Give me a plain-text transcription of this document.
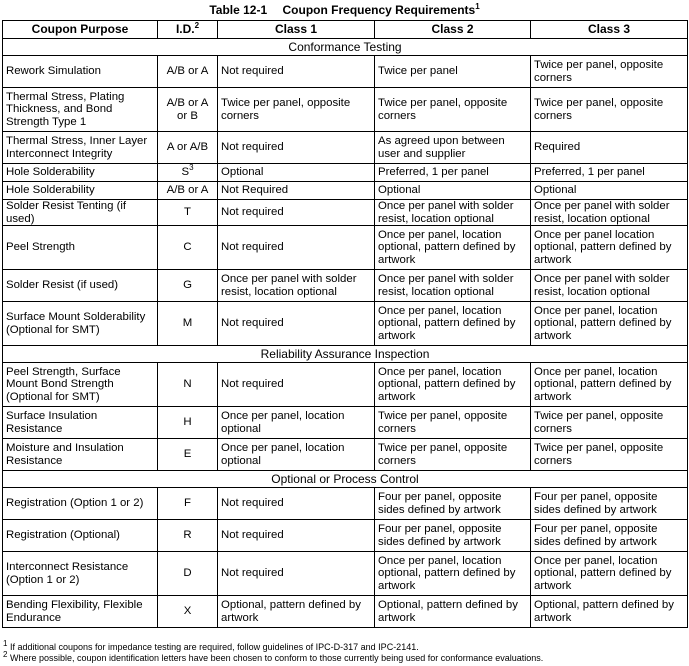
Table 12-1 Coupon Frequency Requirements$^1$
Coupon Purpose	I.D.$^2$	Class 1	Class 2	Class 3
Conformance Testing				
Rework Simulation	A/B or A	Not required	Twice per panel	Twice per panel, opposite corners
Thermal Stress, Plating Thickness, and Bond Strength Type 1	A/B or A or B	Twice per panel, opposite corners	Twice per panel, opposite corners	Twice per panel, opposite corners
Thermal Stress, Inner Layer Interconnect Integrity	A or A/B	Not required	As agreed upon between user and supplier	Required
Hole Solderability	$S^3$	Optional	Preferred, 1 per panel	Preferred, 1 per panel
Hole Solderability	A/B or A	Not Required	Optional	Optional
Solder Resist Tenting (if used)	T	Not required	Once per panel with solder resist, location optional	Once per panel with solder resist, location optional
Peel Strength	C	Not required	Once per panel, location optional, pattern defined by artwork	Once per panel location optional, pattern defined by artwork
Solder Resist (if used)	G	Once per panel with solder resist, location optional	Once per panel with solder resist, location optional	Once per panel with solder resist, location optional
Surface Mount Solderability (Optional for SMT)	M	Not required	Once per panel, location optional, pattern defined by artwork	Once per panel, location optional, pattern defined by artwork
Reliability Assurance Inspection				
Peel Strength, Surface Mount Bond Strength (Optional for SMT)	N	Not required	Once per panel, location optional, pattern defined by artwork	Once per panel, location optional, pattern defined by artwork
Surface Insulation Resistance	H	Once per panel, location optional	Twice per panel, opposite corners	Twice per panel, opposite corners
Moisture and Insulation Resistance	E	Once per panel, location optional	Twice per panel, opposite corners	Twice per panel, opposite corners
Optional or Process Control				
Registration (Option 1 or 2)	F	Not required	Four per panel, opposite sides defined by artwork	Four per panel, opposite sides defined by artwork
Registration (Optional)	R	Not required	Four per panel, opposite sides defined by artwork	Four per panel, opposite sides defined by artwork
Interconnect Resistance (Option 1 or 2)	D	Not required	Once per panel, location optional, pattern defined by artwork	Once per panel, location optional, pattern defined by artwork
Bending Flexibility, Flexible Endurance	X	Optional, pattern defined by artwork	Optional, pattern defined by artwork	Optional, pattern defined by artwork
$^1$ If additional coupons for impedance testing are required, follow guidelines of IPC-D-317 and IPC-2141.
$^2$ Where possible, coupon identification letters have been chosen to conform to those currently being used for conformance evaluations.
